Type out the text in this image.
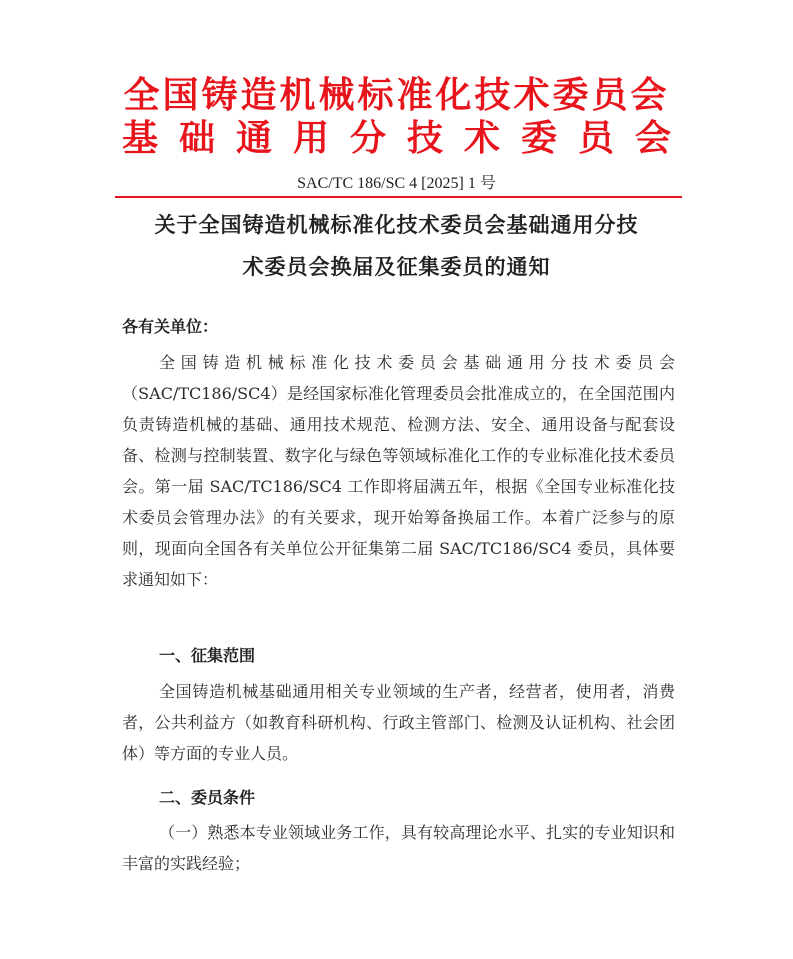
全国铸造机械标准化技术委员会
基础通用分技术委员会
SAC/TC 186/SC 4 [2025] 1 号
关于全国铸造机械标准化技术委员会基础通用分技
术委员会换届及征集委员的通知
各有关单位：

全国铸造机械标准化技术委员会基础通用分技术委员会（SAC/TC186/SC4）是经国家标准化管理委员会批准成立的，在全国范围内负责铸造机械的基础、通用技术规范、检测方法、安全、通用设备与配套设备、检测与控制装置、数字化与绿色等领域标准化工作的专业标准化技术委员会。第一届 SAC/TC186/SC4 工作即将届满五年，根据《全国专业标准化技术委员会管理办法》的有关要求，现开始筹备换届工作。本着广泛参与的原则，现面向全国各有关单位公开征集第二届 SAC/TC186/SC4 委员，具体要求通知如下：

一、征集范围

全国铸造机械基础通用相关专业领域的生产者，经营者，使用者，消费者，公共利益方（如教育科研机构、行政主管部门、检测及认证机构、社会团体）等方面的专业人员。

二、委员条件

（一）熟悉本专业领域业务工作，具有较高理论水平、扎实的专业知识和丰富的实践经验；
